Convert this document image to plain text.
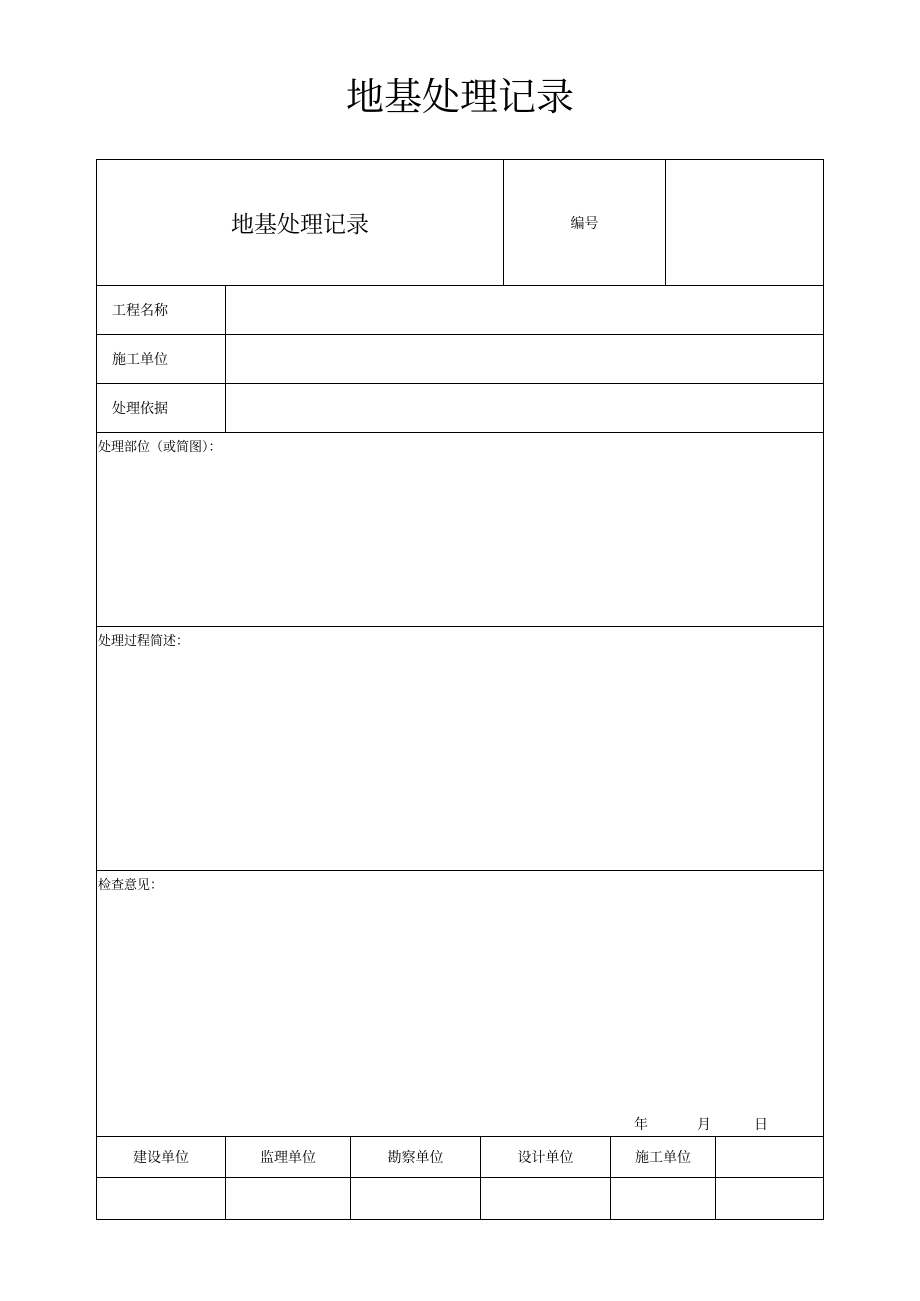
地基处理记录
地基处理记录	编号
工程名称
施工单位
处理依据
处理部位（或简图）：
处理过程简述：
检查意见：
年	月	日
建设单位	监理单位	勘察单位	设计单位	施工单位
